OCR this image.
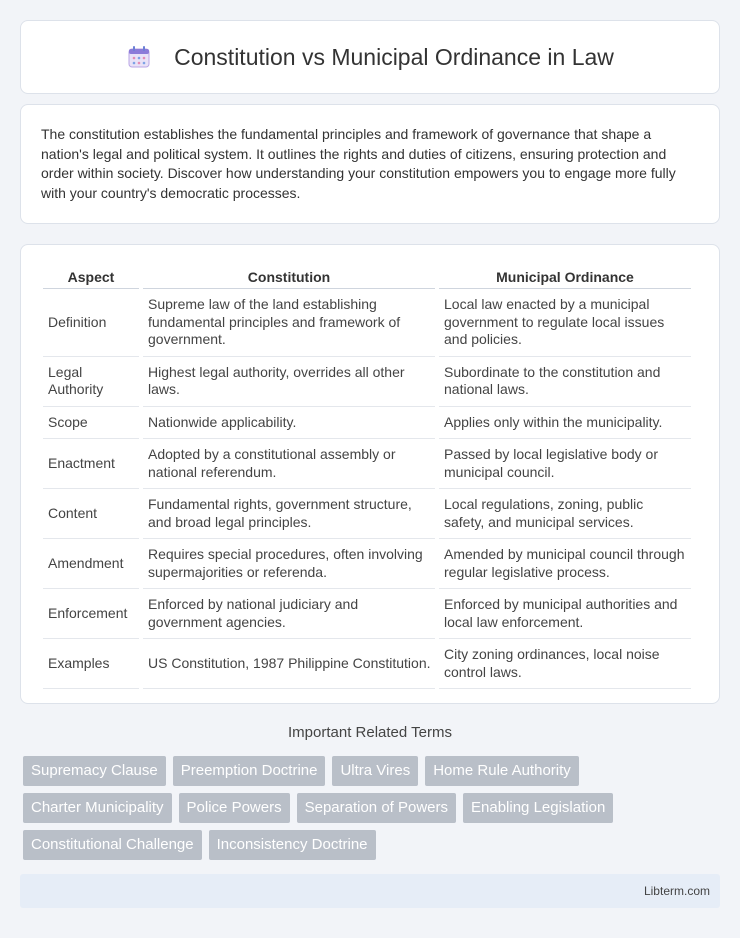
Constitution vs Municipal Ordinance in Law

The constitution establishes the fundamental principles and framework of governance that shape a nation's legal and political system. It outlines the rights and duties of citizens, ensuring protection and order within society. Discover how understanding your constitution empowers you to engage more fully with your country's democratic processes.

Aspect	Constitution	Municipal Ordinance
Definition	Supreme law of the land establishing fundamental principles and framework of government.	Local law enacted by a municipal government to regulate local issues and policies.
Legal Authority	Highest legal authority, overrides all other laws.	Subordinate to the constitution and national laws.
Scope	Nationwide applicability.	Applies only within the municipality.
Enactment	Adopted by a constitutional assembly or national referendum.	Passed by local legislative body or municipal council.
Content	Fundamental rights, government structure, and broad legal principles.	Local regulations, zoning, public safety, and municipal services.
Amendment	Requires special procedures, often involving supermajorities or referenda.	Amended by municipal council through regular legislative process.
Enforcement	Enforced by national judiciary and government agencies.	Enforced by municipal authorities and local law enforcement.
Examples	US Constitution, 1987 Philippine Constitution.	City zoning ordinances, local noise control laws.
Important Related Terms
Supremacy Clause	Preemption Doctrine	Ultra Vires	Home Rule Authority
Charter Municipality	Police Powers	Separation of Powers	Enabling Legislation
Constitutional Challenge	Inconsistency Doctrine
Libterm.com
